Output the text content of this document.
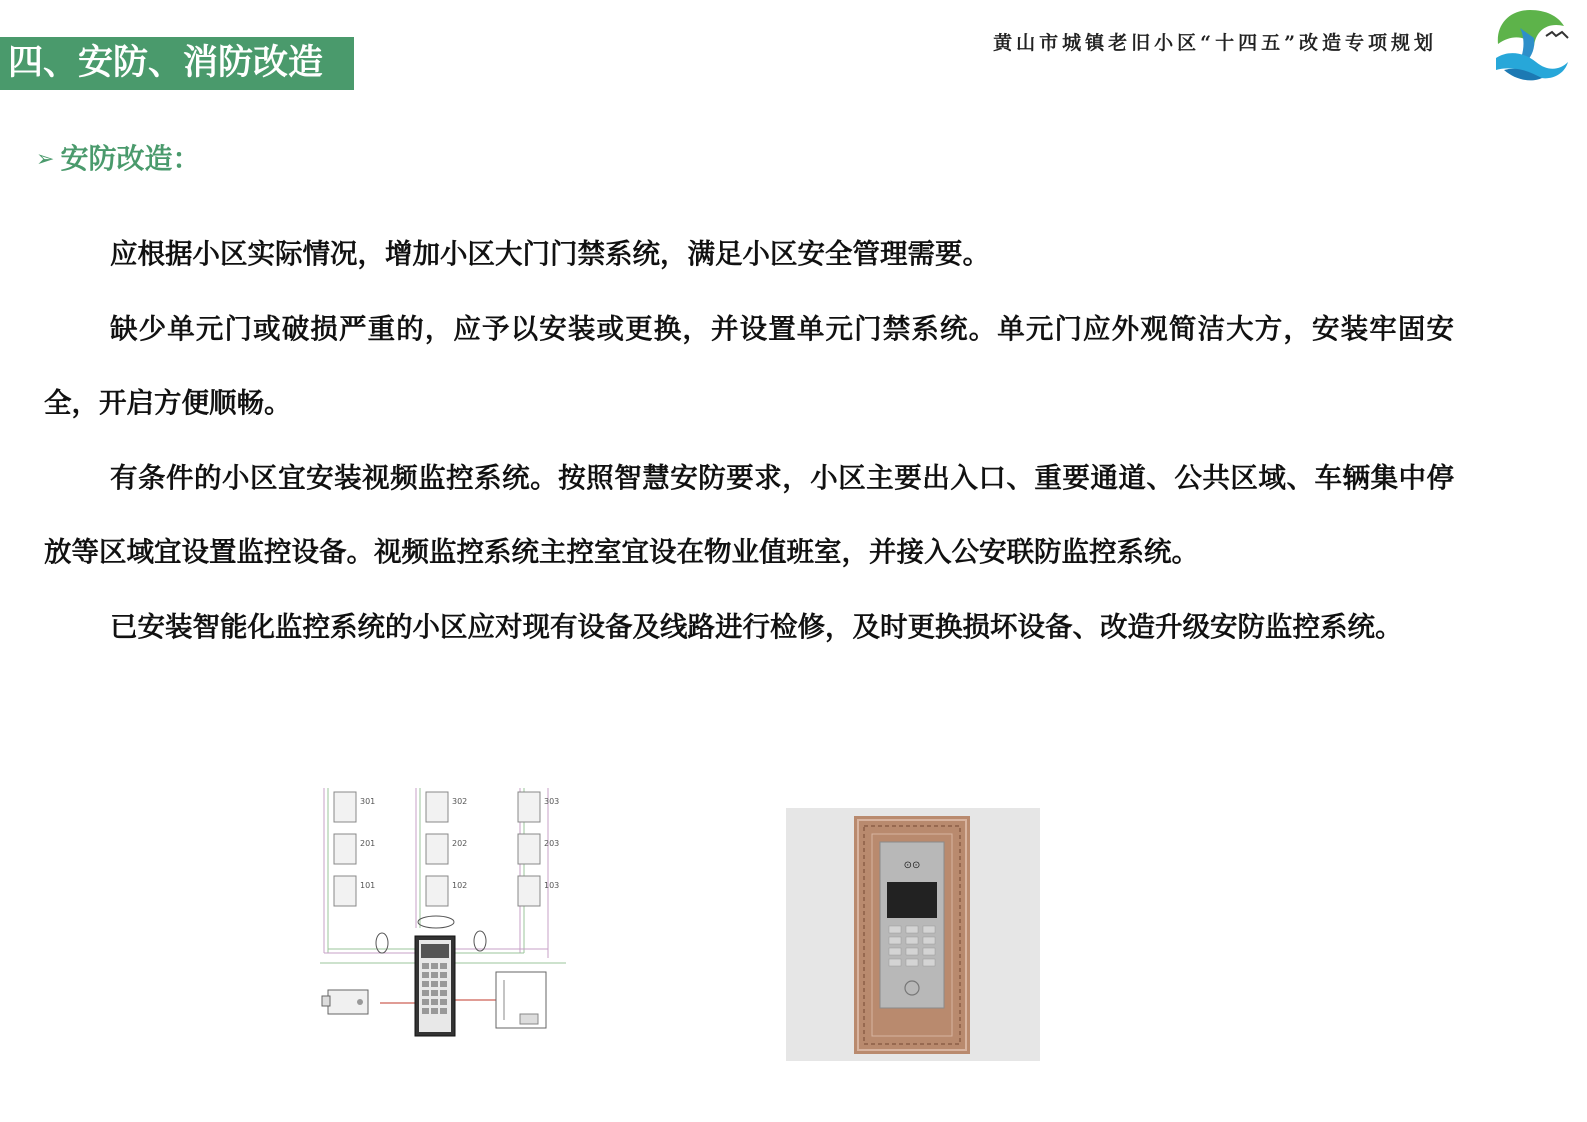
四、安防、消防改造	黄山市城镇老旧小区“十四五”改造专项规划
➢ 安防改造：

应根据小区实际情况，增加小区大门门禁系统，满足小区安全管理需要。

缺少单元门或破损严重的，应予以安装或更换，并设置单元门禁系统。单元门应外观简洁大方，安装牢固安全，开启方便顺畅。

有条件的小区宜安装视频监控系统。按照智慧安防要求，小区主要出入口、重要通道、公共区域、车辆集中停放等区域宜设置监控设备。视频监控系统主控室宜设在物业值班室，并接入公安联防监控系统。

已安装智能化监控系统的小区应对现有设备及线路进行检修，及时更换损坏设备、改造升级安防监控系统。

301	302	303
201	202	203
101	102	103
⊙⊙
